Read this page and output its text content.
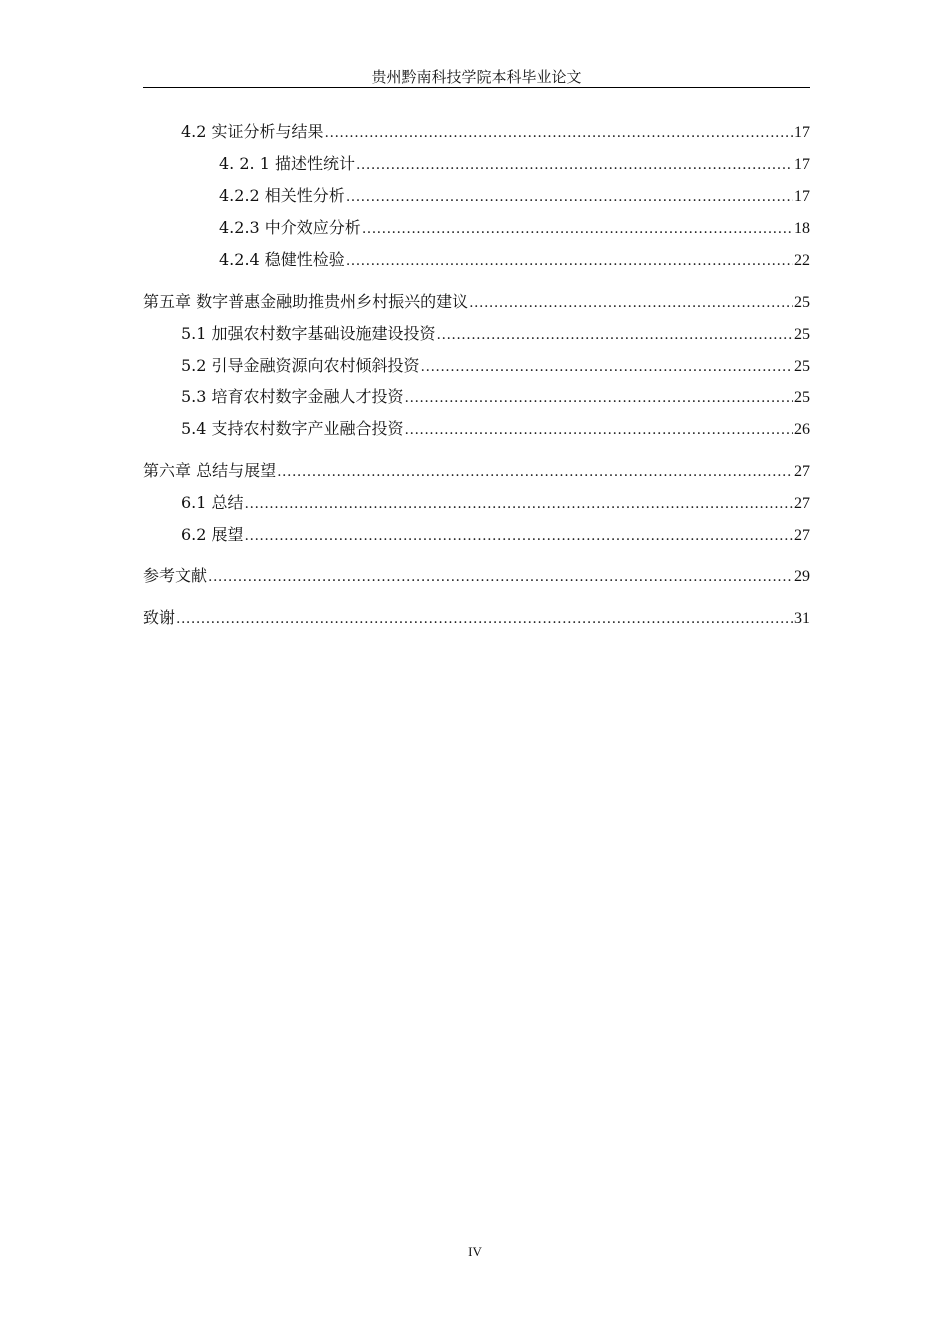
贵州黔南科技学院本科毕业论文
4.2 实证分析与结果 .....	17
4. 2. 1 描述性统计 .....	17
4.2.2 相关性分析 .....	17
4.2.3 中介效应分析 .....	18
4.2.4 稳健性检验 .....	22
第五章 数字普惠金融助推贵州乡村振兴的建议 .....	25
5.1 加强农村数字基础设施建设投资 .....	25
5.2 引导金融资源向农村倾斜投资 .....	25
5.3 培育农村数字金融人才投资 .....	25
5.4 支持农村数字产业融合投资 .....	26
第六章 总结与展望 .....	27
6.1 总结 .....	27
6.2 展望 .....	27
参考文献 .....	29
致谢 .....	31
IV
